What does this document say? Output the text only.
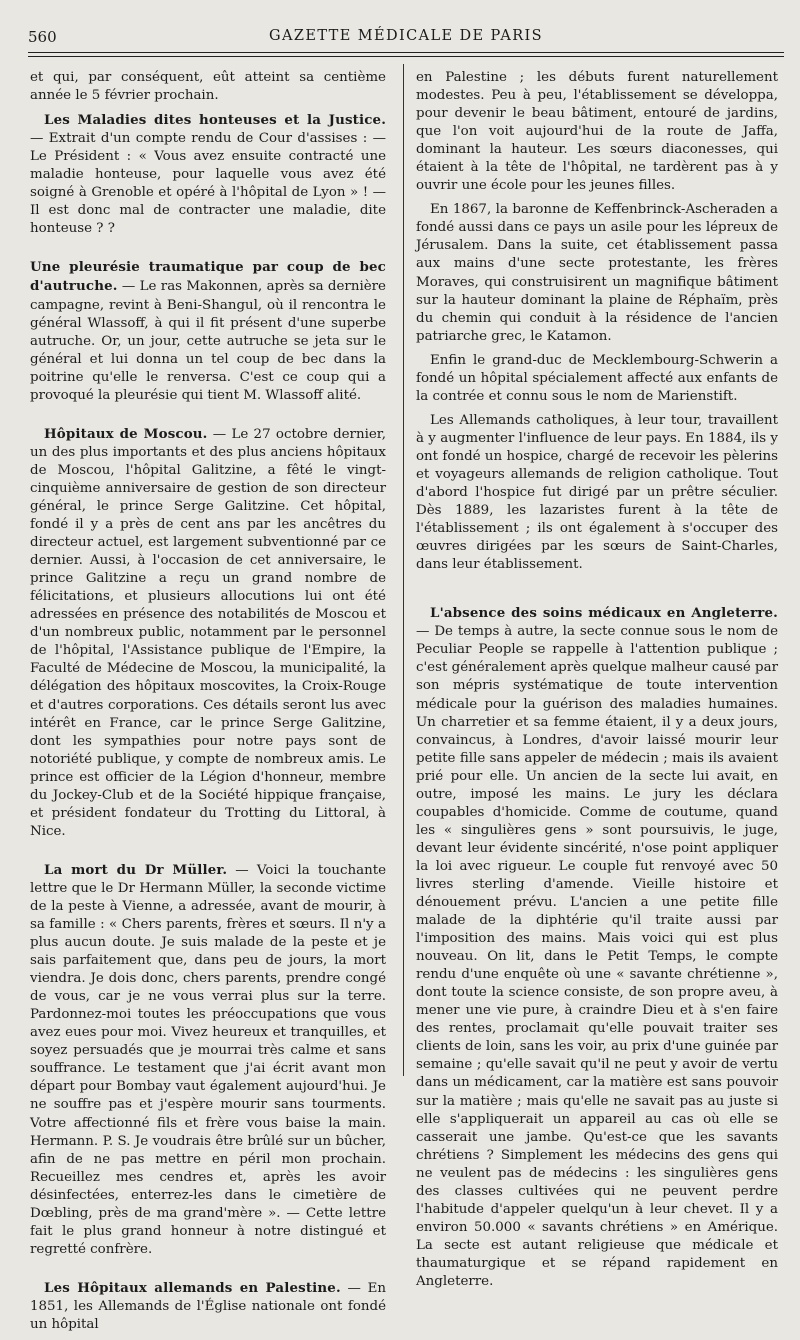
560	GAZETTE MÉDICALE DE PARIS

et qui, par conséquent, eût atteint sa centième année le 5 février prochain.

Les Maladies dites honteuses et la Justice. — Extrait d'un compte rendu de Cour d'assises : — Le Président : « Vous avez ensuite contracté une maladie honteuse, pour laquelle vous avez été soigné à Grenoble et opéré à l'hôpital de Lyon » ! — Il est donc mal de contracter une maladie, dite honteuse ? ?

Une pleurésie traumatique par coup de bec d'autruche. — Le ras Makonnen, après sa dernière campagne, revint à Beni-Shangul, où il rencontra le général Wlassoff, à qui il fit présent d'une superbe autruche. Or, un jour, cette autruche se jeta sur le général et lui donna un tel coup de bec dans la poitrine qu'elle le renversa. C'est ce coup qui a provoqué la pleurésie qui tient M. Wlassoff alité.

Hôpitaux de Moscou. — Le 27 octobre dernier, un des plus importants et des plus anciens hôpitaux de Moscou, l'hôpital Galitzine, a fêté le vingt-cinquième anniversaire de gestion de son directeur général, le prince Serge Galitzine. Cet hôpital, fondé il y a près de cent ans par les ancêtres du directeur actuel, est largement subventionné par ce dernier. Aussi, à l'occasion de cet anniversaire, le prince Galitzine a reçu un grand nombre de félicitations, et plusieurs allocutions lui ont été adressées en présence des notabilités de Moscou et d'un nombreux public, notamment par le personnel de l'hôpital, l'Assistance publique de l'Empire, la Faculté de Médecine de Moscou, la municipalité, la délégation des hôpitaux moscovites, la Croix-Rouge et d'autres corporations. Ces détails seront lus avec intérêt en France, car le prince Serge Galitzine, dont les sympathies pour notre pays sont de notoriété publique, y compte de nombreux amis. Le prince est officier de la Légion d'honneur, membre du Jockey-Club et de la Société hippique française, et président fondateur du Trotting du Littoral, à Nice.

La mort du Dr Müller. — Voici la touchante lettre que le Dr Hermann Müller, la seconde victime de la peste à Vienne, a adressée, avant de mourir, à sa famille : « Chers parents, frères et sœurs. Il n'y a plus aucun doute. Je suis malade de la peste et je sais parfaitement que, dans peu de jours, la mort viendra. Je dois donc, chers parents, prendre congé de vous, car je ne vous verrai plus sur la terre. Pardonnez-moi toutes les préoccupations que vous avez eues pour moi. Vivez heureux et tranquilles, et soyez persuadés que je mourrai très calme et sans souffrance. Le testament que j'ai écrit avant mon départ pour Bombay vaut également aujourd'hui. Je ne souffre pas et j'espère mourir sans tourments. Votre affectionné fils et frère vous baise la main. Hermann. P. S. Je voudrais être brûlé sur un bûcher, afin de ne pas mettre en péril mon prochain. Recueillez mes cendres et, après les avoir désinfectées, enterrez-les dans le cimetière de Dœbling, près de ma grand'mère ». — Cette lettre fait le plus grand honneur à notre distingué et regretté confrère.

Les Hôpitaux allemands en Palestine. — En 1851, les Allemands de l'Église nationale ont fondé un hôpital

en Palestine ; les débuts furent naturellement modestes. Peu à peu, l'établissement se développa, pour devenir le beau bâtiment, entouré de jardins, que l'on voit aujourd'hui de la route de Jaffa, dominant la hauteur. Les sœurs diaconesses, qui étaient à la tête de l'hôpital, ne tardèrent pas à y ouvrir une école pour les jeunes filles.

En 1867, la baronne de Keffenbrinck-Ascheraden a fondé aussi dans ce pays un asile pour les lépreux de Jérusalem. Dans la suite, cet établissement passa aux mains d'une secte protestante, les frères Moraves, qui construisirent un magnifique bâtiment sur la hauteur dominant la plaine de Réphaïm, près du chemin qui conduit à la résidence de l'ancien patriarche grec, le Katamon.

Enfin le grand-duc de Mecklembourg-Schwerin a fondé un hôpital spécialement affecté aux enfants de la contrée et connu sous le nom de Marienstift.

Les Allemands catholiques, à leur tour, travaillent à y augmenter l'influence de leur pays. En 1884, ils y ont fondé un hospice, chargé de recevoir les pèlerins et voyageurs allemands de religion catholique. Tout d'abord l'hospice fut dirigé par un prêtre séculier. Dès 1889, les lazaristes furent à la tête de l'établissement ; ils ont également à s'occuper des œuvres dirigées par les sœurs de Saint-Charles, dans leur établissement.

L'absence des soins médicaux en Angleterre. — De temps à autre, la secte connue sous le nom de Peculiar People se rappelle à l'attention publique ; c'est généralement après quelque malheur causé par son mépris systématique de toute intervention médicale pour la guérison des maladies humaines. Un charretier et sa femme étaient, il y a deux jours, convaincus, à Londres, d'avoir laissé mourir leur petite fille sans appeler de médecin ; mais ils avaient prié pour elle. Un ancien de la secte lui avait, en outre, imposé les mains. Le jury les déclara coupables d'homicide. Comme de coutume, quand les « singulières gens » sont poursuivis, le juge, devant leur évidente sincérité, n'ose point appliquer la loi avec rigueur. Le couple fut renvoyé avec 50 livres sterling d'amende. Vieille histoire et dénouement prévu. L'ancien a une petite fille malade de la diphtérie qu'il traite aussi par l'imposition des mains. Mais voici qui est plus nouveau. On lit, dans le Petit Temps, le compte rendu d'une enquête où une « savante chrétienne », dont toute la science consiste, de son propre aveu, à mener une vie pure, à craindre Dieu et à s'en faire des rentes, proclamait qu'elle pouvait traiter ses clients de loin, sans les voir, au prix d'une guinée par semaine ; qu'elle savait qu'il ne peut y avoir de vertu dans un médicament, car la matière est sans pouvoir sur la matière ; mais qu'elle ne savait pas au juste si elle s'appliquerait un appareil au cas où elle se casserait une jambe. Qu'est-ce que les savants chrétiens ? Simplement les médecins des gens qui ne veulent pas de médecins : les singulières gens des classes cultivées qui ne peuvent perdre l'habitude d'appeler quelqu'un à leur chevet. Il y a environ 50.000 « savants chrétiens » en Amérique. La secte est autant religieuse que médicale et thaumaturgique et se répand rapidement en Angleterre.
